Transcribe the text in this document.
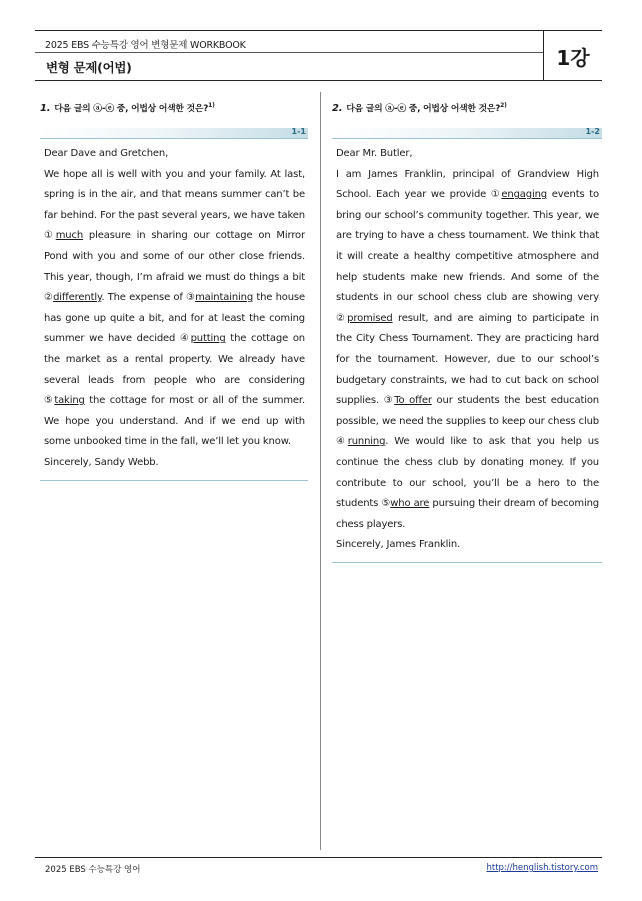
2025 EBS 수능특강 영어 변형문제 WORKBOOK
변형 문제(어법)	1강
1. 다음 글의 ⓐ-ⓔ 중, 어법상 어색한 것은?$^{1)}$
1-1

Dear Dave and Gretchen,

We hope all is well with you and your family. At last, spring is in the air, and that means summer can’t be far behind. For the past several years, we have taken ①much pleasure in sharing our cottage on Mirror Pond with you and some of our other close friends. This year, though, I’m afraid we must do things a bit ②differently. The expense of ③maintaining the house has gone up quite a bit, and for at least the coming summer we have decided ④putting the cottage on the market as a rental property. We already have several leads from people who are considering ⑤taking the cottage for most or all of the summer. We hope you understand. And if we end up with some unbooked time in the fall, we’ll let you know.

Sincerely, Sandy Webb.

2. 다음 글의 ⓐ-ⓔ 중, 어법상 어색한 것은?$^{2)}$
1-2

Dear Mr. Butler,

I am James Franklin, principal of Grandview High School. Each year we provide ①engaging events to bring our school’s community together. This year, we are trying to have a chess tournament. We think that it will create a healthy competitive atmosphere and help students make new friends. And some of the students in our school chess club are showing very ②promised result, and are aiming to participate in the City Chess Tournament. They are practicing hard for the tournament. However, due to our school’s budgetary constraints, we had to cut back on school supplies. ③To offer our students the best education possible, we need the supplies to keep our chess club ④running. We would like to ask that you help us continue the chess club by donating money. If you contribute to our school, you’ll be a hero to the students ⑤who are pursuing their dream of becoming chess players.

Sincerely, James Franklin.

2025 EBS 수능특강 영어	http://henglish.tistory.com
